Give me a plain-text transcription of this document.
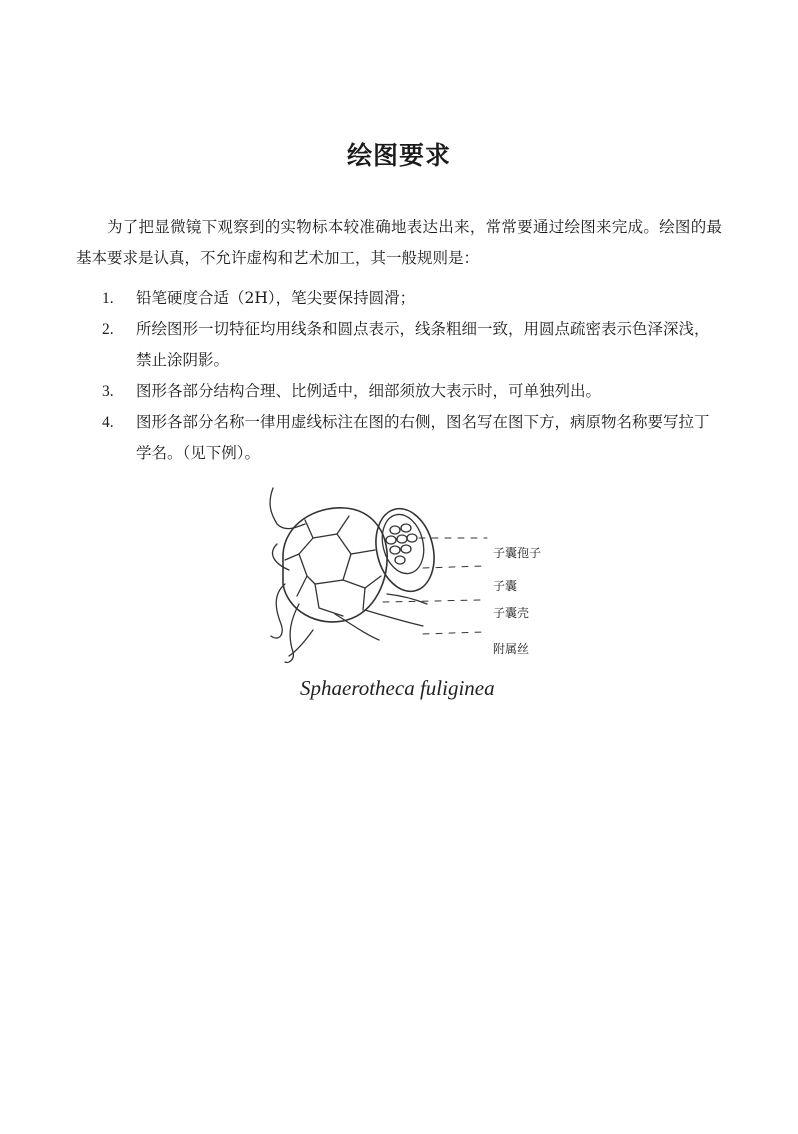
绘图要求

为了把显微镜下观察到的实物标本较准确地表达出来，常常要通过绘图来完成。绘图的最基本要求是认真，不允许虚构和艺术加工，其一般规则是：

1. 铅笔硬度合适（2H），笔尖要保持圆滑；
2. 所绘图形一切特征均用线条和圆点表示，线条粗细一致，用圆点疏密表示色泽深浅，禁止涂阴影。
3. 图形各部分结构合理、比例适中，细部须放大表示时，可单独列出。
4. 图形各部分名称一律用虚线标注在图的右侧，图名写在图下方，病原物名称要写拉丁学名。（见下例）。
子囊孢子
子囊
子囊壳
附属丝
Sphaerotheca fuliginea
